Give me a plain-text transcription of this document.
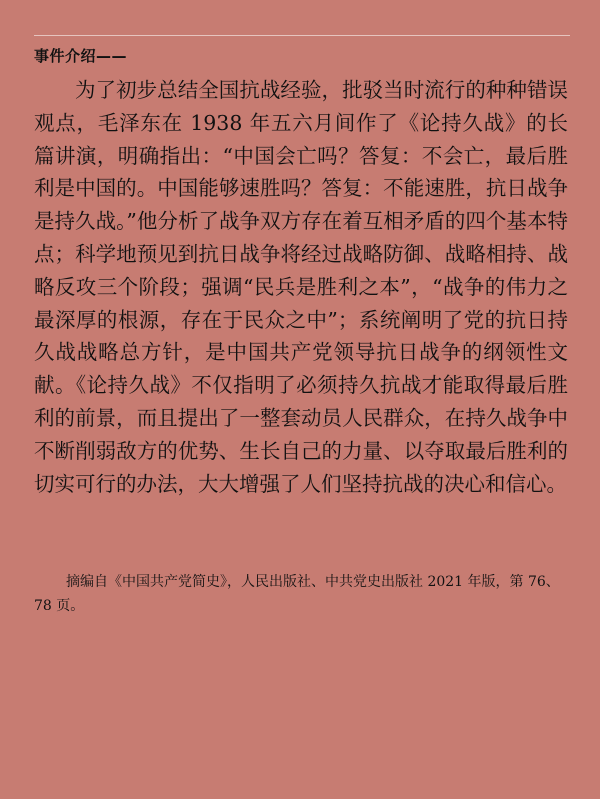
事件介绍——

为了初步总结全国抗战经验，批驳当时流行的种种错误观点，毛泽东在 1938 年五六月间作了《论持久战》的长篇讲演，明确指出：“中国会亡吗？答复：不会亡，最后胜利是中国的。中国能够速胜吗？答复：不能速胜，抗日战争是持久战。”他分析了战争双方存在着互相矛盾的四个基本特点；科学地预见到抗日战争将经过战略防御、战略相持、战略反攻三个阶段；强调“民兵是胜利之本”，“战争的伟力之最深厚的根源，存在于民众之中”；系统阐明了党的抗日持久战战略总方针，是中国共产党领导抗日战争的纲领性文献。《论持久战》不仅指明了必须持久抗战才能取得最后胜利的前景，而且提出了一整套动员人民群众，在持久战争中不断削弱敌方的优势、生长自己的力量、以夺取最后胜利的切实可行的办法，大大增强了人们坚持抗战的决心和信心。

摘编自《中国共产党简史》，人民出版社、中共党史出版社 2021 年版，第 76、78 页。
